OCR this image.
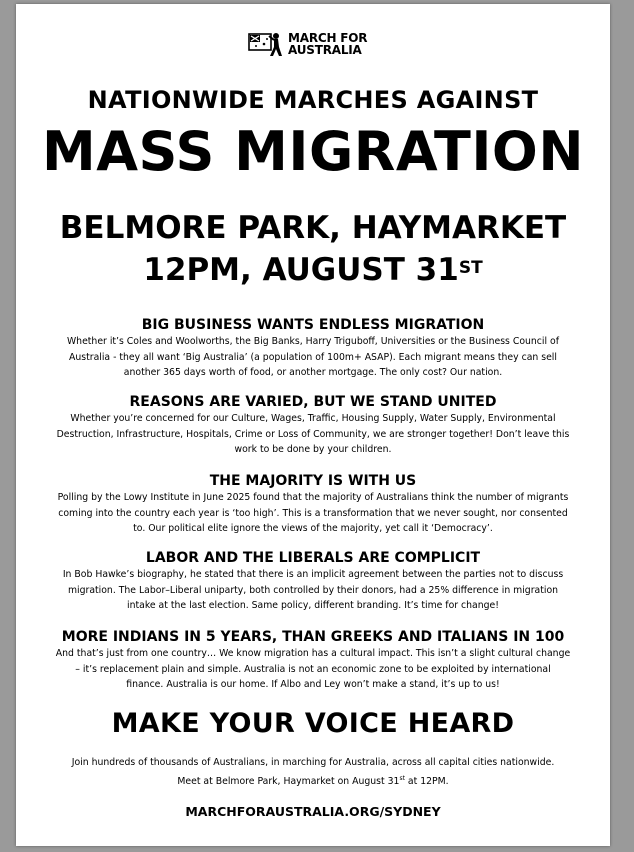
MARCH FOR
AUSTRALIA
NATIONWIDE MARCHES AGAINST
MASS MIGRATION
BELMORE PARK, HAYMARKET
12PM, AUGUST 31ST
BIG BUSINESS WANTS ENDLESS MIGRATION
Whether it’s Coles and Woolworths, the Big Banks, Harry Triguboff, Universities or the Business Council of
Australia - they all want ‘Big Australia’ (a population of 100m+ ASAP). Each migrant means they can sell
another 365 days worth of food, or another mortgage. The only cost? Our nation.
REASONS ARE VARIED, BUT WE STAND UNITED
Whether you’re concerned for our Culture, Wages, Traffic, Housing Supply, Water Supply, Environmental
Destruction, Infrastructure, Hospitals, Crime or Loss of Community, we are stronger together! Don’t leave this
work to be done by your children.
THE MAJORITY IS WITH US
Polling by the Lowy Institute in June 2025 found that the majority of Australians think the number of migrants
coming into the country each year is ‘too high’. This is a transformation that we never sought, nor consented
to. Our political elite ignore the views of the majority, yet call it ‘Democracy’.
LABOR AND THE LIBERALS ARE COMPLICIT
In Bob Hawke’s biography, he stated that there is an implicit agreement between the parties not to discuss
migration. The Labor–Liberal uniparty, both controlled by their donors, had a 25% difference in migration
intake at the last election. Same policy, different branding. It’s time for change!
MORE INDIANS IN 5 YEARS, THAN GREEKS AND ITALIANS IN 100
And that’s just from one country… We know migration has a cultural impact. This isn’t a slight cultural change
– it’s replacement plain and simple. Australia is not an economic zone to be exploited by international
finance. Australia is our home. If Albo and Ley won’t make a stand, it’s up to us!
MAKE YOUR VOICE HEARD
Join hundreds of thousands of Australians, in marching for Australia, across all capital cities nationwide.
Meet at Belmore Park, Haymarket on August 31st at 12PM.
MARCHFORAUSTRALIA.ORG/SYDNEY
